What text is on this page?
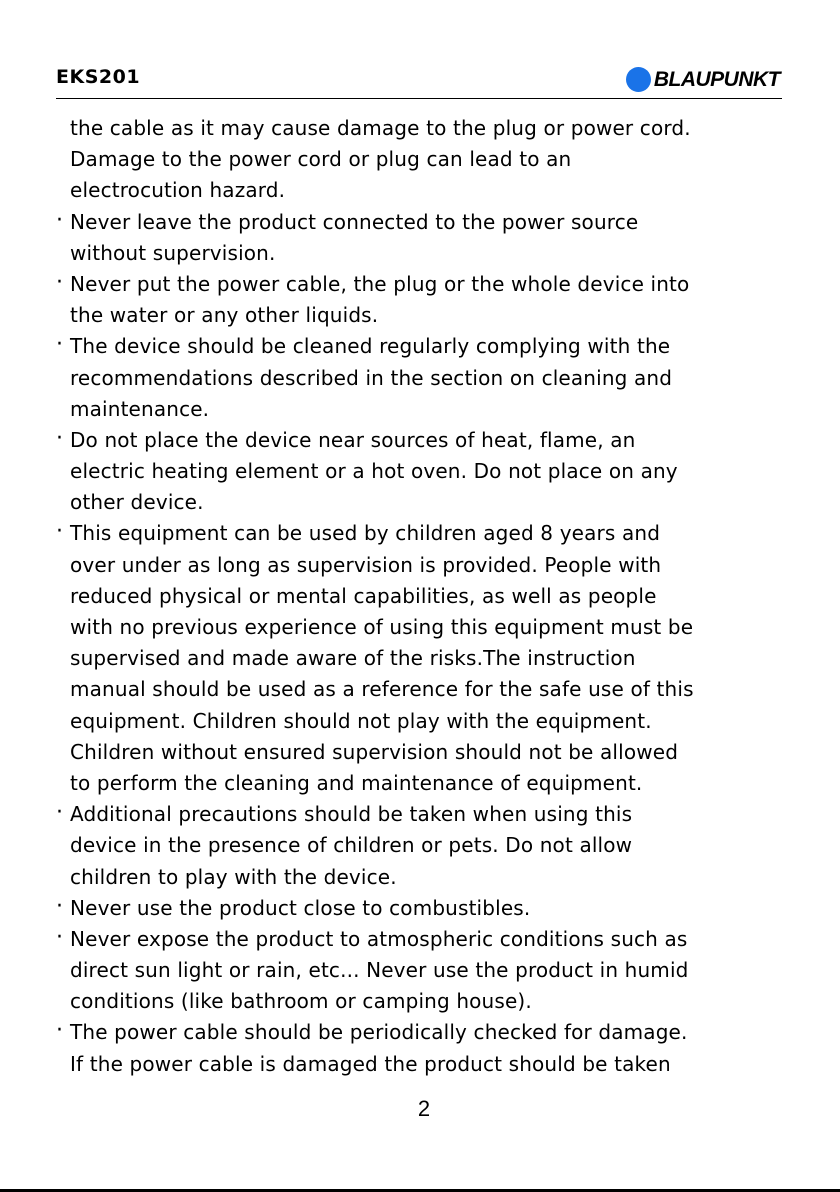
EKS201	BLAUPUNKT
the cable as it may cause damage to the plug or power cord.
Damage to the power cord or plug can lead to an
electrocution hazard.
· Never leave the product connected to the power source
without supervision.
· Never put the power cable, the plug or the whole device into
the water or any other liquids.
· The device should be cleaned regularly complying with the
recommendations described in the section on cleaning and
maintenance.
· Do not place the device near sources of heat, flame, an
electric heating element or a hot oven. Do not place on any
other device.
· This equipment can be used by children aged 8 years and
over under as long as supervision is provided. People with
reduced physical or mental capabilities, as well as people
with no previous experience of using this equipment must be
supervised and made aware of the risks.The instruction
manual should be used as a reference for the safe use of this
equipment. Children should not play with the equipment.
Children without ensured supervision should not be allowed
to perform the cleaning and maintenance of equipment.
· Additional precautions should be taken when using this
device in the presence of children or pets. Do not allow
children to play with the device.
· Never use the product close to combustibles.
· Never expose the product to atmospheric conditions such as
direct sun light or rain, etc... Never use the product in humid
conditions (like bathroom or camping house).
· The power cable should be periodically checked for damage.
If the power cable is damaged the product should be taken
2
